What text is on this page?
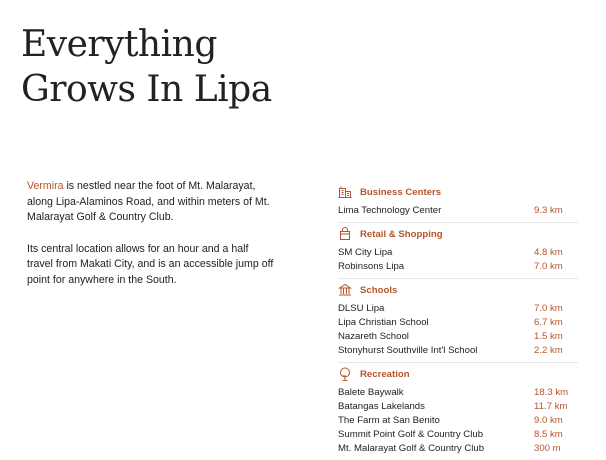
Everything
Grows In Lipa

Vermira is nestled near the foot of Mt. Malarayat, along Lipa-Alaminos Road, and within meters of Mt. Malarayat Golf & Country Club.

Its central location allows for an hour and a half travel from Makati City, and is an accessible jump off point for anywhere in the South.

Business Centers
Lima Technology Center	9.3 km
Retail & Shopping
SM City Lipa	4.8 km
Robinsons Lipa	7.0 km
Schools
DLSU Lipa	7.0 km
Lipa Christian School	6.7 km
Nazareth School	1.5 km
Stonyhurst Southville Int'l School	2.2 km
Recreation
Balete Baywalk	18.3 km
Batangas Lakelands	11.7 km
The Farm at San Benito	9.0 km
Summit Point Golf & Country Club	8.5 km
Mt. Malarayat Golf & Country Club	300 m
